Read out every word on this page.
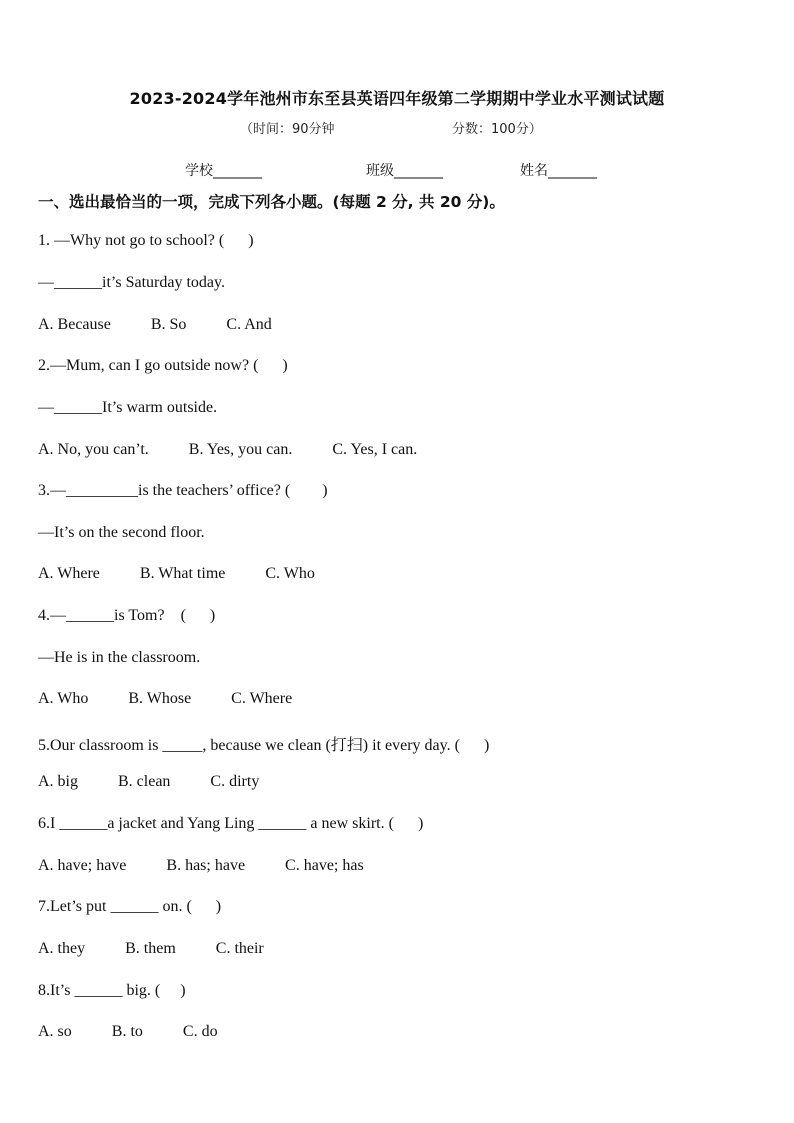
2023-2024学年池州市东至县英语四年级第二学期期中学业水平测试试题
（时间：90分钟	分数：100分）
学校_______	班级_______	姓名_______
一、选出最恰当的一项，完成下列各小题。(每题 2 分, 共 20 分)。
1. —Why not go to school? (      )
—______it’s Saturday today.
A. Because          B. So          C. And
2.—Mum, can I go outside now? (      )
—______It’s warm outside.
A. No, you can’t.          B. Yes, you can.          C. Yes, I can.
3.—_________is the teachers’ office? (        )
—It’s on the second floor.
A. Where          B. What time          C. Who
4.—______is Tom?    (      )
—He is in the classroom.
A. Who          B. Whose          C. Where
5.Our classroom is _____, because we clean (打扫) it every day. (      )
A. big          B. clean          C. dirty
6.I ______a jacket and Yang Ling ______ a new skirt. (      )
A. have; have          B. has; have          C. have; has
7.Let’s put ______ on. (      )
A. they          B. them          C. their
8.It’s ______ big. (     )
A. so          B. to          C. do
